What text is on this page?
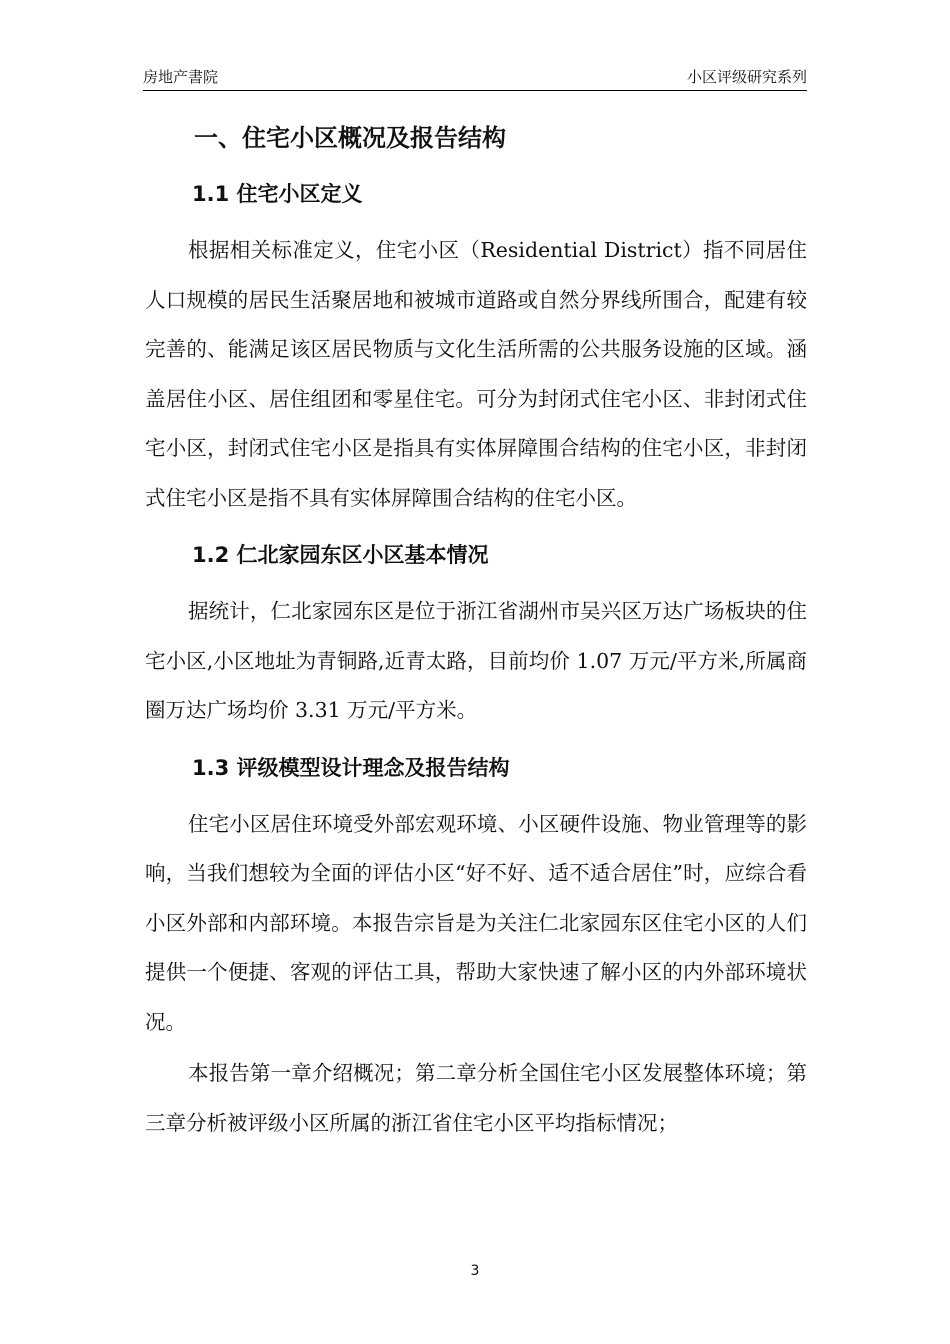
房地产書院	小区评级研究系列
一、住宅小区概况及报告结构
1.1 住宅小区定义

根据相关标准定义，住宅小区（Residential District）指不同居住人口规模的居民生活聚居地和被城市道路或自然分界线所围合，配建有较完善的、能满足该区居民物质与文化生活所需的公共服务设施的区域。涵盖居住小区、居住组团和零星住宅。可分为封闭式住宅小区、非封闭式住宅小区，封闭式住宅小区是指具有实体屏障围合结构的住宅小区，非封闭式住宅小区是指不具有实体屏障围合结构的住宅小区。

1.2 仁北家园东区小区基本情况

据统计，仁北家园东区是位于浙江省湖州市吴兴区万达广场板块的住宅小区,小区地址为青铜路,近青太路，目前均价 1.07 万元/平方米,所属商圈万达广场均价 3.31 万元/平方米。

1.3 评级模型设计理念及报告结构

住宅小区居住环境受外部宏观环境、小区硬件设施、物业管理等的影响，当我们想较为全面的评估小区“好不好、适不适合居住”时，应综合看小区外部和内部环境。本报告宗旨是为关注仁北家园东区住宅小区的人们提供一个便捷、客观的评估工具，帮助大家快速了解小区的内外部环境状况。

本报告第一章介绍概况；第二章分析全国住宅小区发展整体环境；第三章分析被评级小区所属的浙江省住宅小区平均指标情况；

3
